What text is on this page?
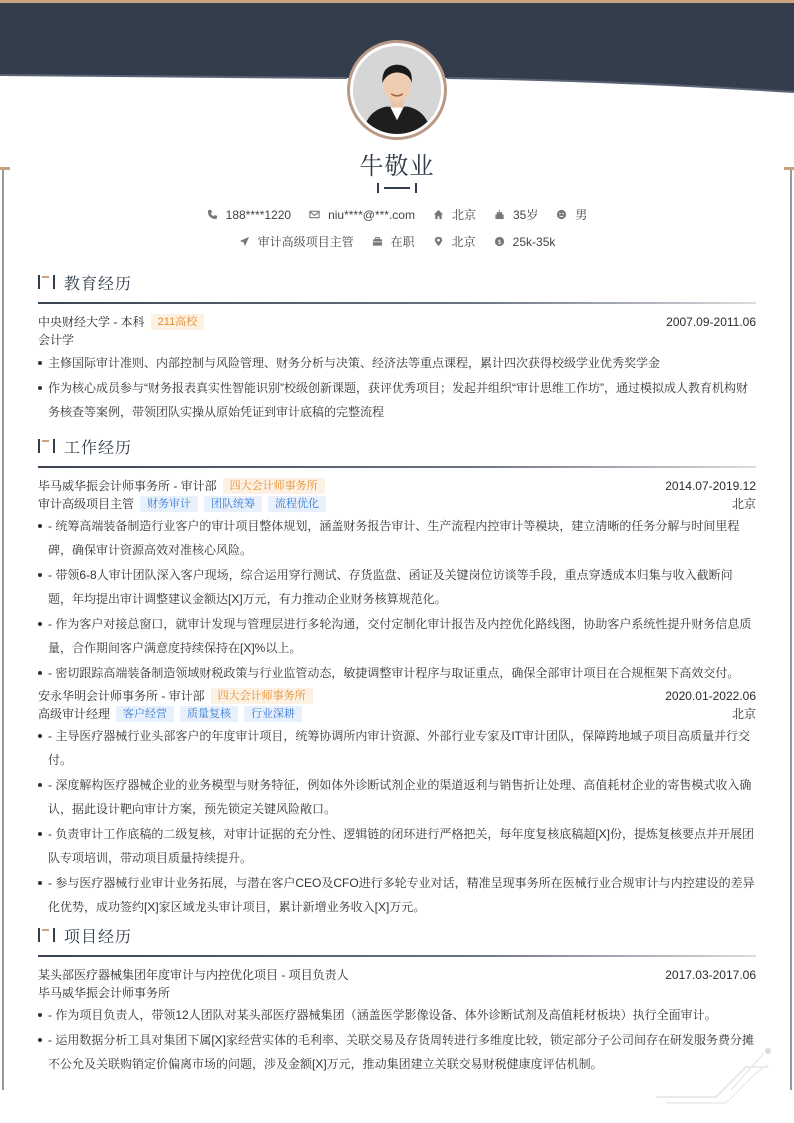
牛敬业
188****1220	niu****@***.com	北京	35岁	男
审计高级项目主管	在职	北京	$ 25k-35k
教育经历
中央财经大学 - 本科	211高校	2007.09-2011.06
会计学
主修国际审计准则、内部控制与风险管理、财务分析与决策、经济法等重点课程，累计四次获得校级学业优秀奖学金
作为核心成员参与“财务报表真实性智能识别”校级创新课题，获评优秀项目；发起并组织“审计思维工作坊”，通过模拟成人教育机构财务核查等案例，带领团队实操从原始凭证到审计底稿的完整流程
工作经历
毕马威华振会计师事务所 - 审计部	四大会计师事务所	2014.07-2019.12
审计高级项目主管	财务审计	团队统筹	流程优化	北京
- 统筹高端装备制造行业客户的审计项目整体规划，涵盖财务报告审计、生产流程内控审计等模块，建立清晰的任务分解与时间里程碑，确保审计资源高效对准核心风险。
- 带领6-8人审计团队深入客户现场，综合运用穿行测试、存货监盘、函证及关键岗位访谈等手段，重点穿透成本归集与收入截断问题，年均提出审计调整建议金额达[X]万元，有力推动企业财务核算规范化。
- 作为客户对接总窗口，就审计发现与管理层进行多轮沟通，交付定制化审计报告及内控优化路线图，协助客户系统性提升财务信息质量，合作期间客户满意度持续保持在[X]%以上。
- 密切跟踪高端装备制造领域财税政策与行业监管动态，敏捷调整审计程序与取证重点，确保全部审计项目在合规框架下高效交付。
安永华明会计师事务所 - 审计部	四大会计师事务所	2020.01-2022.06
高级审计经理	客户经营	质量复核	行业深耕	北京
- 主导医疗器械行业头部客户的年度审计项目，统筹协调所内审计资源、外部行业专家及IT审计团队，保障跨地域子项目高质量并行交付。
- 深度解构医疗器械企业的业务模型与财务特征，例如体外诊断试剂企业的渠道返利与销售折让处理、高值耗材企业的寄售模式收入确认，据此设计靶向审计方案，预先锁定关键风险敞口。
- 负责审计工作底稿的二级复核，对审计证据的充分性、逻辑链的闭环进行严格把关，每年度复核底稿超[X]份，提炼复核要点并开展团队专项培训，带动项目质量持续提升。
- 参与医疗器械行业审计业务拓展，与潜在客户CEO及CFO进行多轮专业对话，精准呈现事务所在医械行业合规审计与内控建设的差异化优势，成功签约[X]家区域龙头审计项目，累计新增业务收入[X]万元。
项目经历
某头部医疗器械集团年度审计与内控优化项目 - 项目负责人	2017.03-2017.06
毕马威华振会计师事务所
- 作为项目负责人，带领12人团队对某头部医疗器械集团（涵盖医学影像设备、体外诊断试剂及高值耗材板块）执行全面审计。
- 运用数据分析工具对集团下属[X]家经营实体的毛利率、关联交易及存货周转进行多维度比较，锁定部分子公司间存在研发服务费分摊不公允及关联购销定价偏离市场的问题，涉及金额[X]万元，推动集团建立关联交易财税健康度评估机制。
